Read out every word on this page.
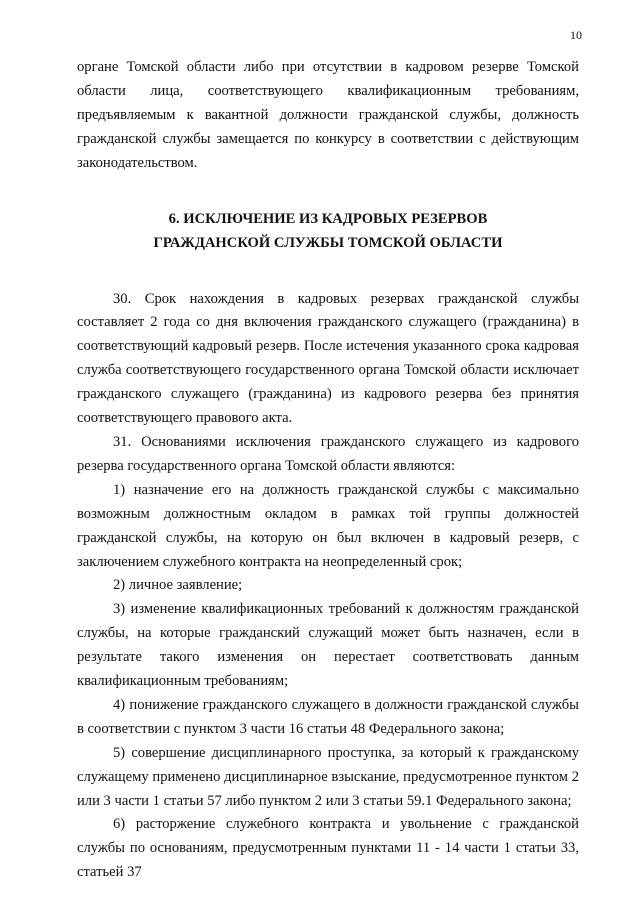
10

органе Томской области либо при отсутствии в кадровом резерве Томской области лица, соответствующего квалификационным требованиям, предъявляемым к вакантной должности гражданской службы, должность гражданской службы замещается по конкурсу в соответствии с действующим законодательством.

6. ИСКЛЮЧЕНИЕ ИЗ КАДРОВЫХ РЕЗЕРВОВ
ГРАЖДАНСКОЙ СЛУЖБЫ ТОМСКОЙ ОБЛАСТИ

30. Срок нахождения в кадровых резервах гражданской службы составляет 2 года со дня включения гражданского служащего (гражданина) в соответствующий кадровый резерв. После истечения указанного срока кадровая служба соответствующего государственного органа Томской области исключает гражданского служащего (гражданина) из кадрового резерва без принятия соответствующего правового акта.

31. Основаниями исключения гражданского служащего из кадрового резерва государственного органа Томской области являются:

1) назначение его на должность гражданской службы с максимально возможным должностным окладом в рамках той группы должностей гражданской службы, на которую он был включен в кадровый резерв, с заключением служебного контракта на неопределенный срок;

2) личное заявление;

3) изменение квалификационных требований к должностям гражданской службы, на которые гражданский служащий может быть назначен, если в результате такого изменения он перестает соответствовать данным квалификационным требованиям;

4) понижение гражданского служащего в должности гражданской службы в соответствии с пунктом 3 части 16 статьи 48 Федерального закона;

5) совершение дисциплинарного проступка, за который к гражданскому служащему применено дисциплинарное взыскание, предусмотренное пунктом 2 или 3 части 1 статьи 57 либо пунктом 2 или 3 статьи 59.1 Федерального закона;

6) расторжение служебного контракта и увольнение с гражданской службы по основаниям, предусмотренным пунктами 11 - 14 части 1 статьи 33, статьей 37
